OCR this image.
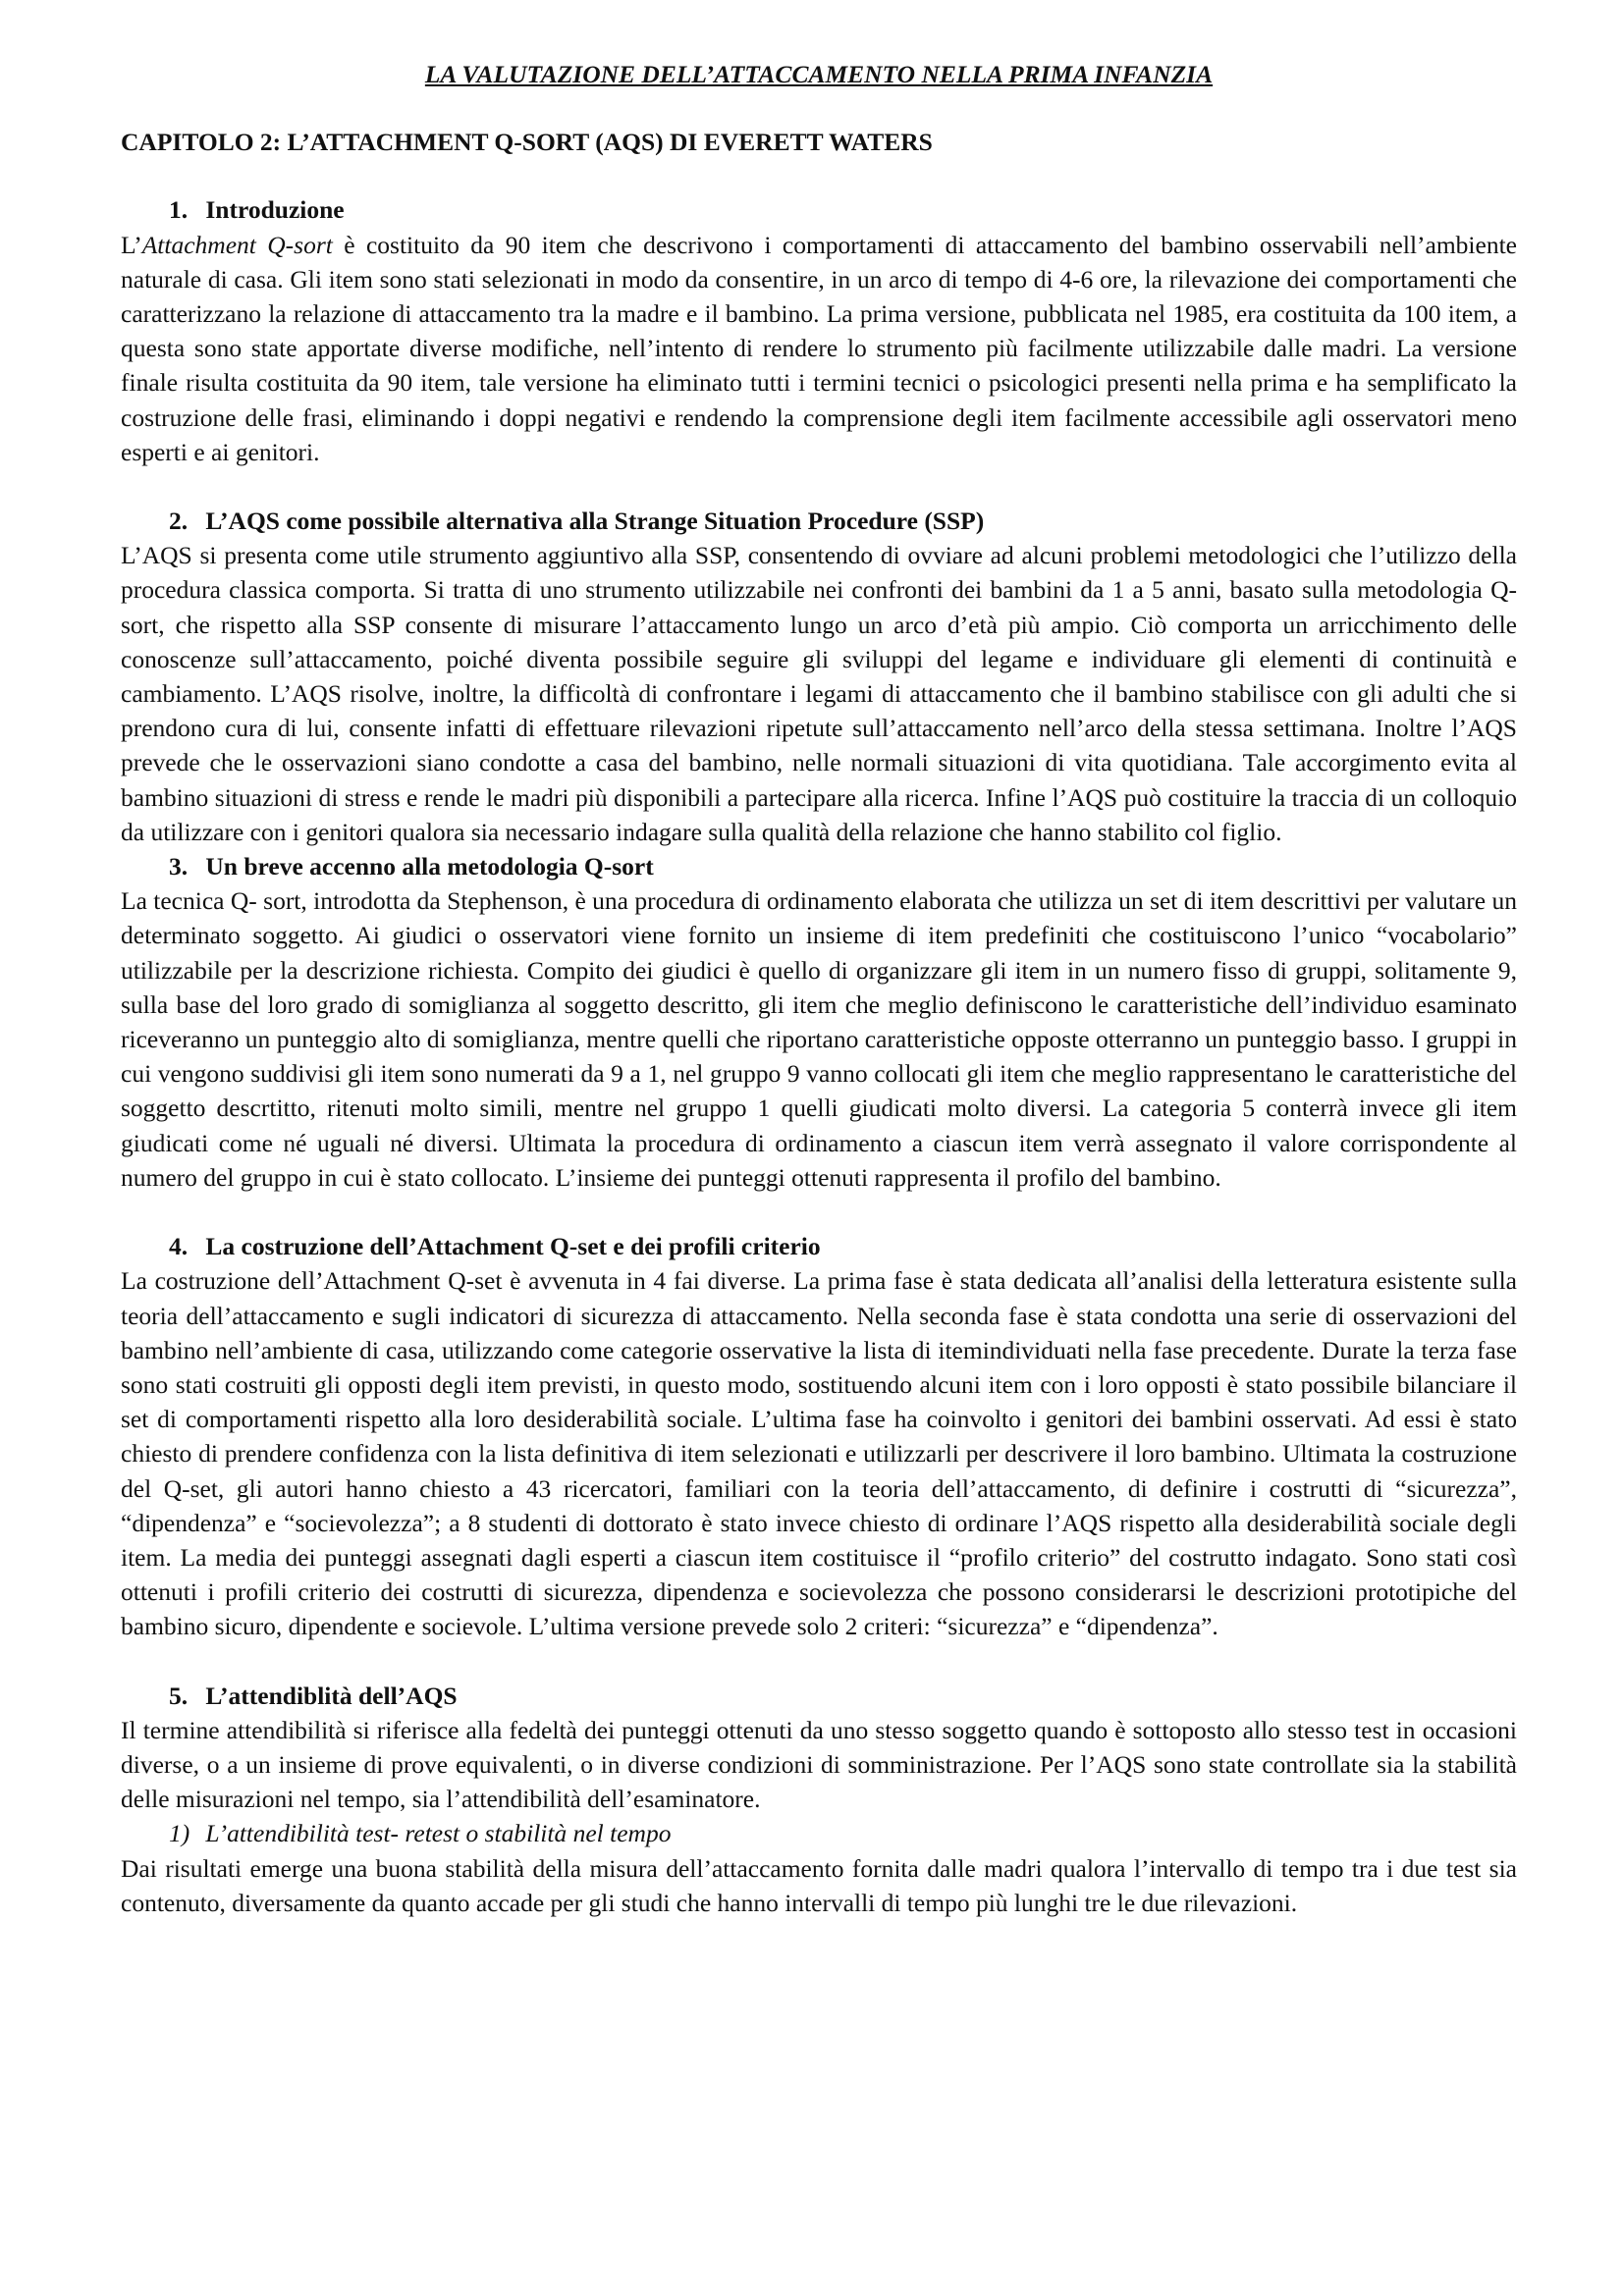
LA VALUTAZIONE DELL’ATTACCAMENTO NELLA PRIMA INFANZIA

CAPITOLO 2: L’ATTACHMENT Q-SORT (AQS) DI EVERETT WATERS

1. Introduzione

L’Attachment Q-sort è costituito da 90 item che descrivono i comportamenti di attaccamento del bambino osservabili nell’ambiente naturale di casa. Gli item sono stati selezionati in modo da consentire, in un arco di tempo di 4-6 ore, la rilevazione dei comportamenti che caratterizzano la relazione di attaccamento tra la madre e il bambino. La prima versione, pubblicata nel 1985, era costituita da 100 item, a questa sono state apportate diverse modifiche, nell’intento di rendere lo strumento più facilmente utilizzabile dalle madri. La versione finale risulta costituita da 90 item, tale versione ha eliminato tutti i termini tecnici o psicologici presenti nella prima e ha semplificato la costruzione delle frasi, eliminando i doppi negativi e rendendo la comprensione degli item facilmente accessibile agli osservatori meno esperti e ai genitori.

2. L’AQS come possibile alternativa alla Strange Situation Procedure (SSP)

L’AQS si presenta come utile strumento aggiuntivo alla SSP, consentendo di ovviare ad alcuni problemi metodologici che l’utilizzo della procedura classica comporta. Si tratta di uno strumento utilizzabile nei confronti dei bambini da 1 a 5 anni, basato sulla metodologia Q-sort, che rispetto alla SSP consente di misurare l’attaccamento lungo un arco d’età più ampio. Ciò comporta un arricchimento delle conoscenze sull’attaccamento, poiché diventa possibile seguire gli sviluppi del legame e individuare gli elementi di continuità e cambiamento. L’AQS risolve, inoltre, la difficoltà di confrontare i legami di attaccamento che il bambino stabilisce con gli adulti che si prendono cura di lui, consente infatti di effettuare rilevazioni ripetute sull’attaccamento nell’arco della stessa settimana. Inoltre l’AQS prevede che le osservazioni siano condotte a casa del bambino, nelle normali situazioni di vita quotidiana. Tale accorgimento evita al bambino situazioni di stress e rende le madri più disponibili a partecipare alla ricerca. Infine l’AQS può costituire la traccia di un colloquio da utilizzare con i genitori qualora sia necessario indagare sulla qualità della relazione che hanno stabilito col figlio.

3. Un breve accenno alla metodologia Q-sort

La tecnica Q- sort, introdotta da Stephenson, è una procedura di ordinamento elaborata che utilizza un set di item descrittivi per valutare un determinato soggetto. Ai giudici o osservatori viene fornito un insieme di item predefiniti che costituiscono l’unico “vocabolario” utilizzabile per la descrizione richiesta. Compito dei giudici è quello di organizzare gli item in un numero fisso di gruppi, solitamente 9, sulla base del loro grado di somiglianza al soggetto descritto, gli item che meglio definiscono le caratteristiche dell’individuo esaminato riceveranno un punteggio alto di somiglianza, mentre quelli che riportano caratteristiche opposte otterranno un punteggio basso. I gruppi in cui vengono suddivisi gli item sono numerati da 9 a 1, nel gruppo 9 vanno collocati gli item che meglio rappresentano le caratteristiche del soggetto descrtitto, ritenuti molto simili, mentre nel gruppo 1 quelli giudicati molto diversi. La categoria 5 conterrà invece gli item giudicati come né uguali né diversi. Ultimata la procedura di ordinamento a ciascun item verrà assegnato il valore corrispondente al numero del gruppo in cui è stato collocato. L’insieme dei punteggi ottenuti rappresenta il profilo del bambino.

4. La costruzione dell’Attachment Q-set e dei profili criterio

La costruzione dell’Attachment Q-set è avvenuta in 4 fai diverse. La prima fase è stata dedicata all’analisi della letteratura esistente sulla teoria dell’attaccamento e sugli indicatori di sicurezza di attaccamento. Nella seconda fase è stata condotta una serie di osservazioni del bambino nell’ambiente di casa, utilizzando come categorie osservative la lista di itemindividuati nella fase precedente. Durate la terza fase sono stati costruiti gli opposti degli item previsti, in questo modo, sostituendo alcuni item con i loro opposti è stato possibile bilanciare il set di comportamenti rispetto alla loro desiderabilità sociale. L’ultima fase ha coinvolto i genitori dei bambini osservati. Ad essi è stato chiesto di prendere confidenza con la lista definitiva di item selezionati e utilizzarli per descrivere il loro bambino. Ultimata la costruzione del Q-set, gli autori hanno chiesto a 43 ricercatori, familiari con la teoria dell’attaccamento, di definire i costrutti di “sicurezza”, “dipendenza” e “socievolezza”; a 8 studenti di dottorato è stato invece chiesto di ordinare l’AQS rispetto alla desiderabilità sociale degli item. La media dei punteggi assegnati dagli esperti a ciascun item costituisce il “profilo criterio” del costrutto indagato. Sono stati così ottenuti i profili criterio dei costrutti di sicurezza, dipendenza e socievolezza che possono considerarsi le descrizioni prototipiche del bambino sicuro, dipendente e socievole. L’ultima versione prevede solo 2 criteri: “sicurezza” e “dipendenza”.

5. L’attendiblità dell’AQS

Il termine attendibilità si riferisce alla fedeltà dei punteggi ottenuti da uno stesso soggetto quando è sottoposto allo stesso test in occasioni diverse, o a un insieme di prove equivalenti, o in diverse condizioni di somministrazione. Per l’AQS sono state controllate sia la stabilità delle misurazioni nel tempo, sia l’attendibilità dell’esaminatore.

1) L’attendibilità test- retest o stabilità nel tempo

Dai risultati emerge una buona stabilità della misura dell’attaccamento fornita dalle madri qualora l’intervallo di tempo tra i due test sia contenuto, diversamente da quanto accade per gli studi che hanno intervalli di tempo più lunghi tre le due rilevazioni.
